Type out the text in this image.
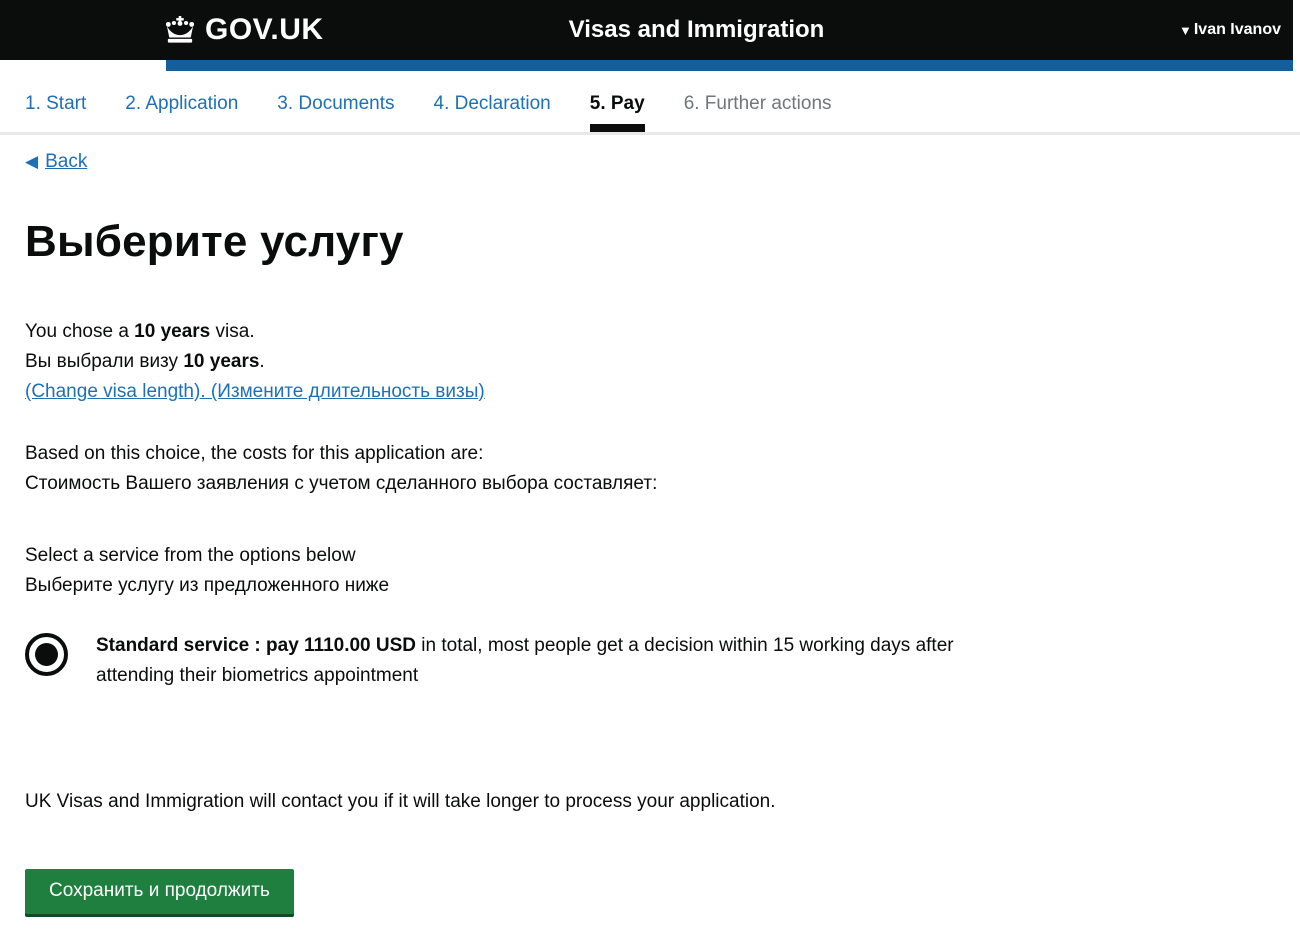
GOV.UK	Visas and Immigration	▼ Ivan Ivanov
1. Start 2. Application 3. Documents 4. Declaration 5. Pay 6. Further actions
◀ Back
Выберите услугу
You chose a 10 years visa.
Вы выбрали визу 10 years.
(Change visa length). (Измените длительность визы)
Based on this choice, the costs for this application are:
Стоимость Вашего заявления с учетом сделанного выбора составляет:
Select a service from the options below
Выберите услугу из предложенного ниже
Standard service : pay 1110.00 USD in total, most people get a decision within 15 working days after attending their biometrics appointment
UK Visas and Immigration will contact you if it will take longer to process your application.
Сохранить и продолжить
